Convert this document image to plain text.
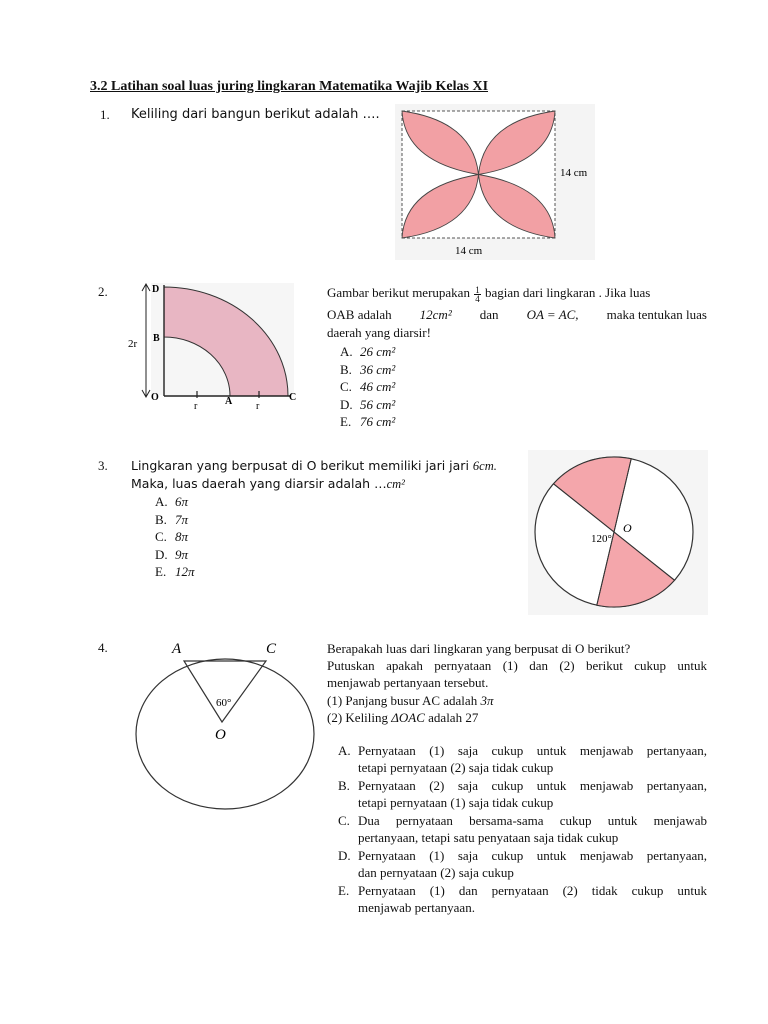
3.2 Latihan soal luas juring lingkaran Matematika Wajib Kelas XI
1. Keliling dari bangun berikut adalah ….
14 cm
14 cm
2.	D
B
O	A	C
2r
r	r
Gambar berikut merupakan $\frac{1}{4}$ bagian dari lingkaran . Jika luas
OAB adalah 12cm² dan OA = AC, maka tentukan luas
daerah yang diarsir!
A. 26 cm²
B. 36 cm²
C. 46 cm²
D. 56 cm²
E. 76 cm²
3. Lingkaran yang berpusat di O berikut memiliki jari jari 6cm.
Maka, luas daerah yang diarsir adalah …cm²
A. 6π
B. 7π
C. 8π
D. 9π
E. 12π
O
120°
4.	A	C
O
60°
Berapakah luas dari lingkaran yang berpusat di O berikut?
Putuskan apakah pernyataan (1) dan (2) berikut cukup untuk
menjawab pertanyaan tersebut.
(1) Panjang busur AC adalah 3π
(2) Keliling ΔOAC adalah 27
A. Pernyataan (1) saja cukup untuk menjawab pertanyaan,
tetapi pernyataan (2) saja tidak cukup
B. Pernyataan (2) saja cukup untuk menjawab pertanyaan,
tetapi pernyataan (1) saja tidak cukup
C. Dua pernyataan bersama-sama cukup untuk menjawab
pertanyaan, tetapi satu penyataan saja tidak cukup
D. Pernyataan (1) saja cukup untuk menjawab pertanyaan,
dan pernyataan (2) saja cukup
E. Pernyataan (1) dan pernyataan (2) tidak cukup untuk
menjawab pertanyaan.
